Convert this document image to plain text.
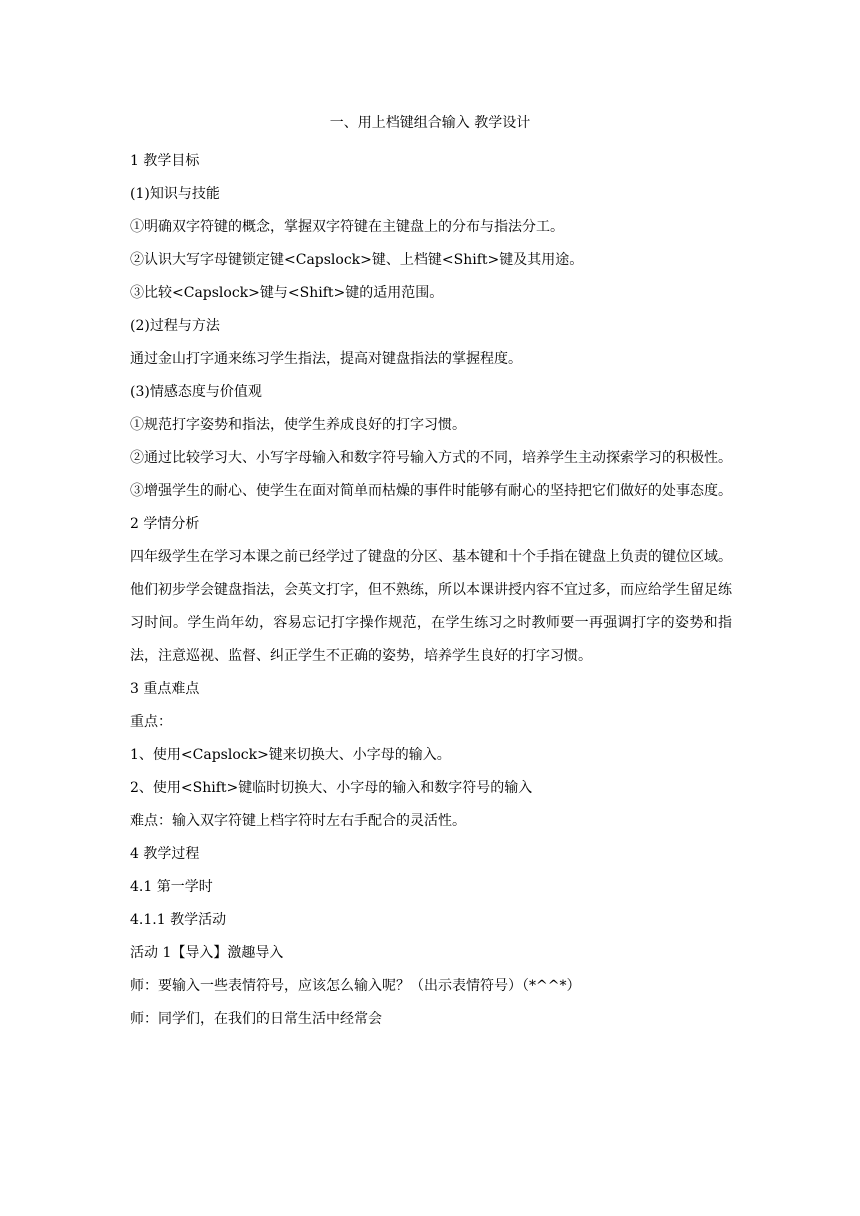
一、用上档键组合输入 教学设计

1 教学目标

(1)知识与技能

①明确双字符键的概念，掌握双字符键在主键盘上的分布与指法分工。

②认识大写字母键锁定键<Capslock>键、上档键<Shift>键及其用途。

③比较<Capslock>键与<Shift>键的适用范围。

(2)过程与方法

通过金山打字通来练习学生指法，提高对键盘指法的掌握程度。

(3)情感态度与价值观

①规范打字姿势和指法，使学生养成良好的打字习惯。

②通过比较学习大、小写字母输入和数字符号输入方式的不同，培养学生主动探索学习的积极性。

③增强学生的耐心、使学生在面对简单而枯燥的事件时能够有耐心的坚持把它们做好的处事态度。

2 学情分析

四年级学生在学习本课之前已经学过了键盘的分区、基本键和十个手指在键盘上负责的键位区域。他们初步学会键盘指法，会英文打字，但不熟练，所以本课讲授内容不宜过多，而应给学生留足练习时间。学生尚年幼，容易忘记打字操作规范，在学生练习之时教师要一再强调打字的姿势和指法，注意巡视、监督、纠正学生不正确的姿势，培养学生良好的打字习惯。

3 重点难点

重点：

1、使用<Capslock>键来切换大、小字母的输入。

2、使用<Shift>键临时切换大、小字母的输入和数字符号的输入

难点：输入双字符键上档字符时左右手配合的灵活性。

4 教学过程

4.1 第一学时

4.1.1 教学活动

活动 1【导入】激趣导入

师：要输入一些表情符号，应该怎么输入呢？（出示表情符号）（*^^*）

师：同学们，在我们的日常生活中经常会
